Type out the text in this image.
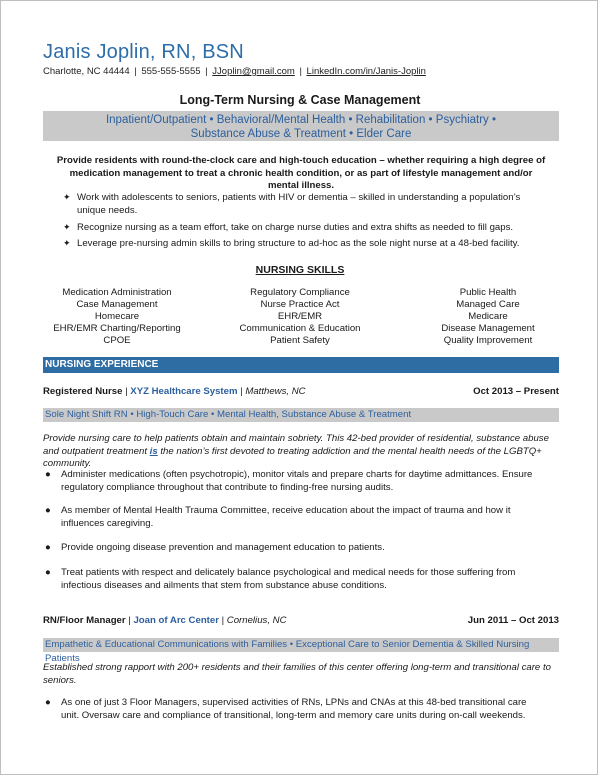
Janis Joplin, RN, BSN
Charlotte, NC 44444 | 555-555-5555 | JJoplin@gmail.com | LinkedIn.com/in/Janis-Joplin
Long-Term Nursing & Case Management
Inpatient/Outpatient • Behavioral/Mental Health • Rehabilitation • Psychiatry •
Substance Abuse & Treatment • Elder Care
Provide residents with round-the-clock care and high-touch education – whether requiring a high degree of medication management to treat a chronic health condition, or as part of lifestyle management and/or mental illness.
✦ Work with adolescents to seniors, patients with HIV or dementia – skilled in understanding a population’s unique needs.
✦ Recognize nursing as a team effort, take on charge nurse duties and extra shifts as needed to fill gaps.
✦ Leverage pre-nursing admin skills to bring structure to ad-hoc as the sole night nurse at a 48-bed facility.
NURSING SKILLS
Medication Administration
Case Management
Homecare
EHR/EMR Charting/Reporting
CPOE
Regulatory Compliance
Nurse Practice Act
EHR/EMR
Communication & Education
Patient Safety
Public Health
Managed Care
Medicare
Disease Management
Quality Improvement
NURSING EXPERIENCE
Registered Nurse | XYZ Healthcare System | Matthews, NC	Oct 2013 – Present
Sole Night Shift RN • High-Touch Care • Mental Health, Substance Abuse & Treatment
Provide nursing care to help patients obtain and maintain sobriety. This 42-bed provider of residential, substance abuse and outpatient treatment is the nation’s first devoted to treating addiction and the mental health needs of the LGBTQ+ community.
● Administer medications (often psychotropic), monitor vitals and prepare charts for daytime admittances. Ensure regulatory compliance throughout that contribute to finding-free nursing audits.
● As member of Mental Health Trauma Committee, receive education about the impact of trauma and how it influences caregiving.
● Provide ongoing disease prevention and management education to patients.
● Treat patients with respect and delicately balance psychological and medical needs for those suffering from infectious diseases and ailments that stem from substance abuse conditions.
RN/Floor Manager | Joan of Arc Center | Cornelius, NC	Jun 2011 – Oct 2013
Empathetic & Educational Communications with Families • Exceptional Care to Senior Dementia & Skilled Nursing Patients
Established strong rapport with 200+ residents and their families of this center offering long-term and transitional care to seniors.
● As one of just 3 Floor Managers, supervised activities of RNs, LPNs and CNAs at this 48-bed transitional care unit. Oversaw care and compliance of transitional, long-term and memory care units during on-call weekends.
